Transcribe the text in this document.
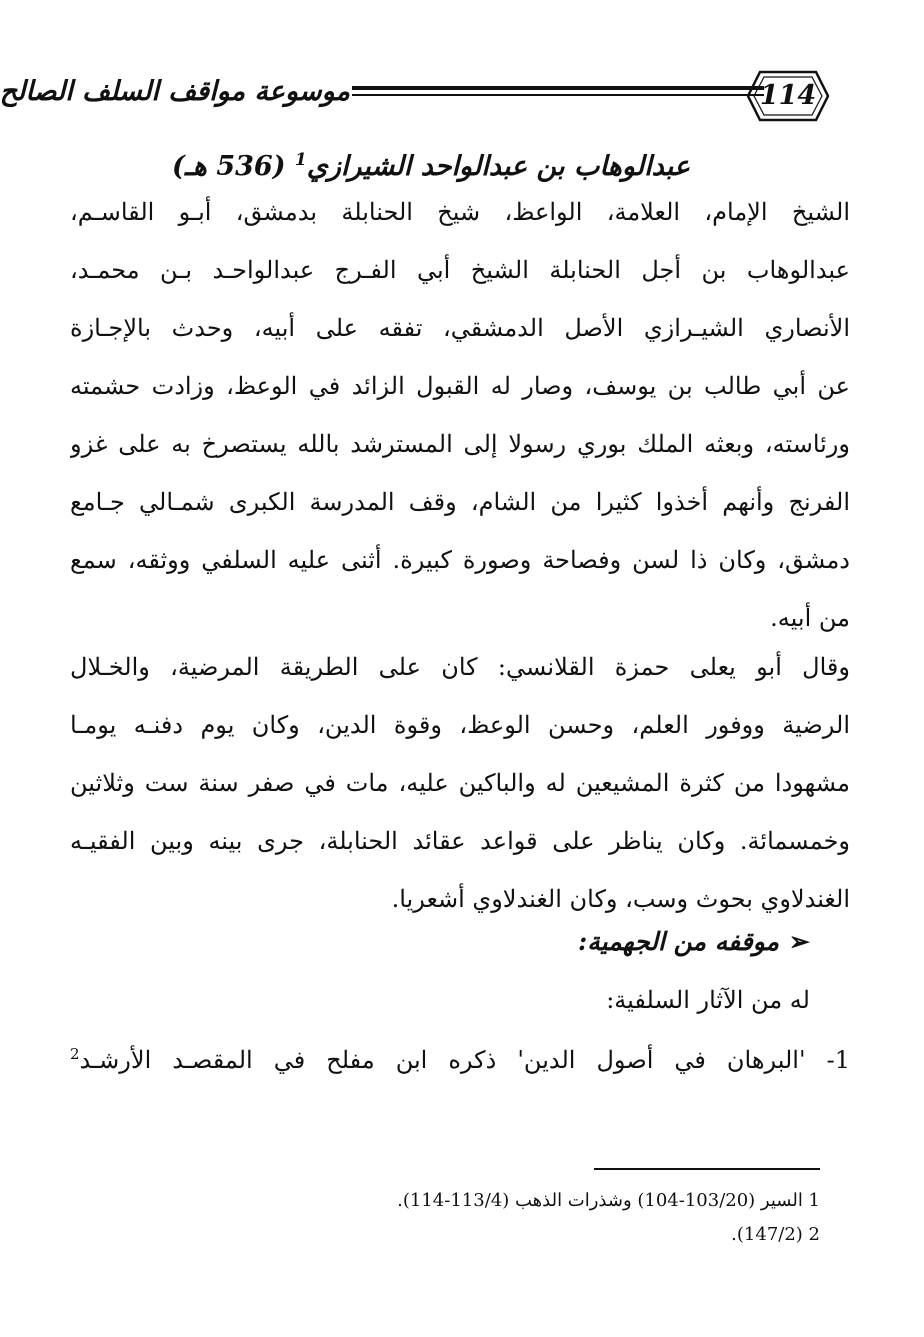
موسوعة مواقف السلف الصالح	114
عبدالوهاب بن عبدالواحد الشيرازي$^1$ (536 هـ)
الشيخ الإمام، العلامة، الواعظ، شيخ الحنابلة بدمشق، أبـو القاسـم،
عبدالوهاب بن أجل الحنابلة الشيخ أبي الفـرج عبدالواحـد بـن محمـد،
الأنصاري الشيـرازي الأصل الدمشقي، تفقه على أبيه، وحدث بالإجـازة
عن أبي طالب بن يوسف، وصار له القبول الزائد في الوعظ، وزادت حشمته
ورئاسته، وبعثه الملك بوري رسولا إلى المسترشد بالله يستصرخ به على غزو
الفرنج وأنهم أخذوا كثيرا من الشام، وقف المدرسة الكبرى شمـالي جـامع
دمشق، وكان ذا لسن وفصاحة وصورة كبيرة. أثنى عليه السلفي ووثقه، سمع
من أبيه.
وقال أبو يعلى حمزة القلانسي: كان على الطريقة المرضية، والخـلال
الرضية ووفور العلم، وحسن الوعظ، وقوة الدين، وكان يوم دفنـه يومـا
مشهودا من كثرة المشيعين له والباكين عليه، مات في صفر سنة ست وثلاثين
وخمسمائة. وكان يناظر على قواعد عقائد الحنابلة، جرى بينه وبين الفقيـه
الغندلاوي بحوث وسب، وكان الغندلاوي أشعريا.
➢موقفه من الجهمية:
له من الآثار السلفية:
1- 'البرهان في أصول الدين' ذكره ابن مفلح في المقصـد الأرشـد$^2$
1 السير (103/20-104) وشذرات الذهب (113/4-114).
2 (147/2).
